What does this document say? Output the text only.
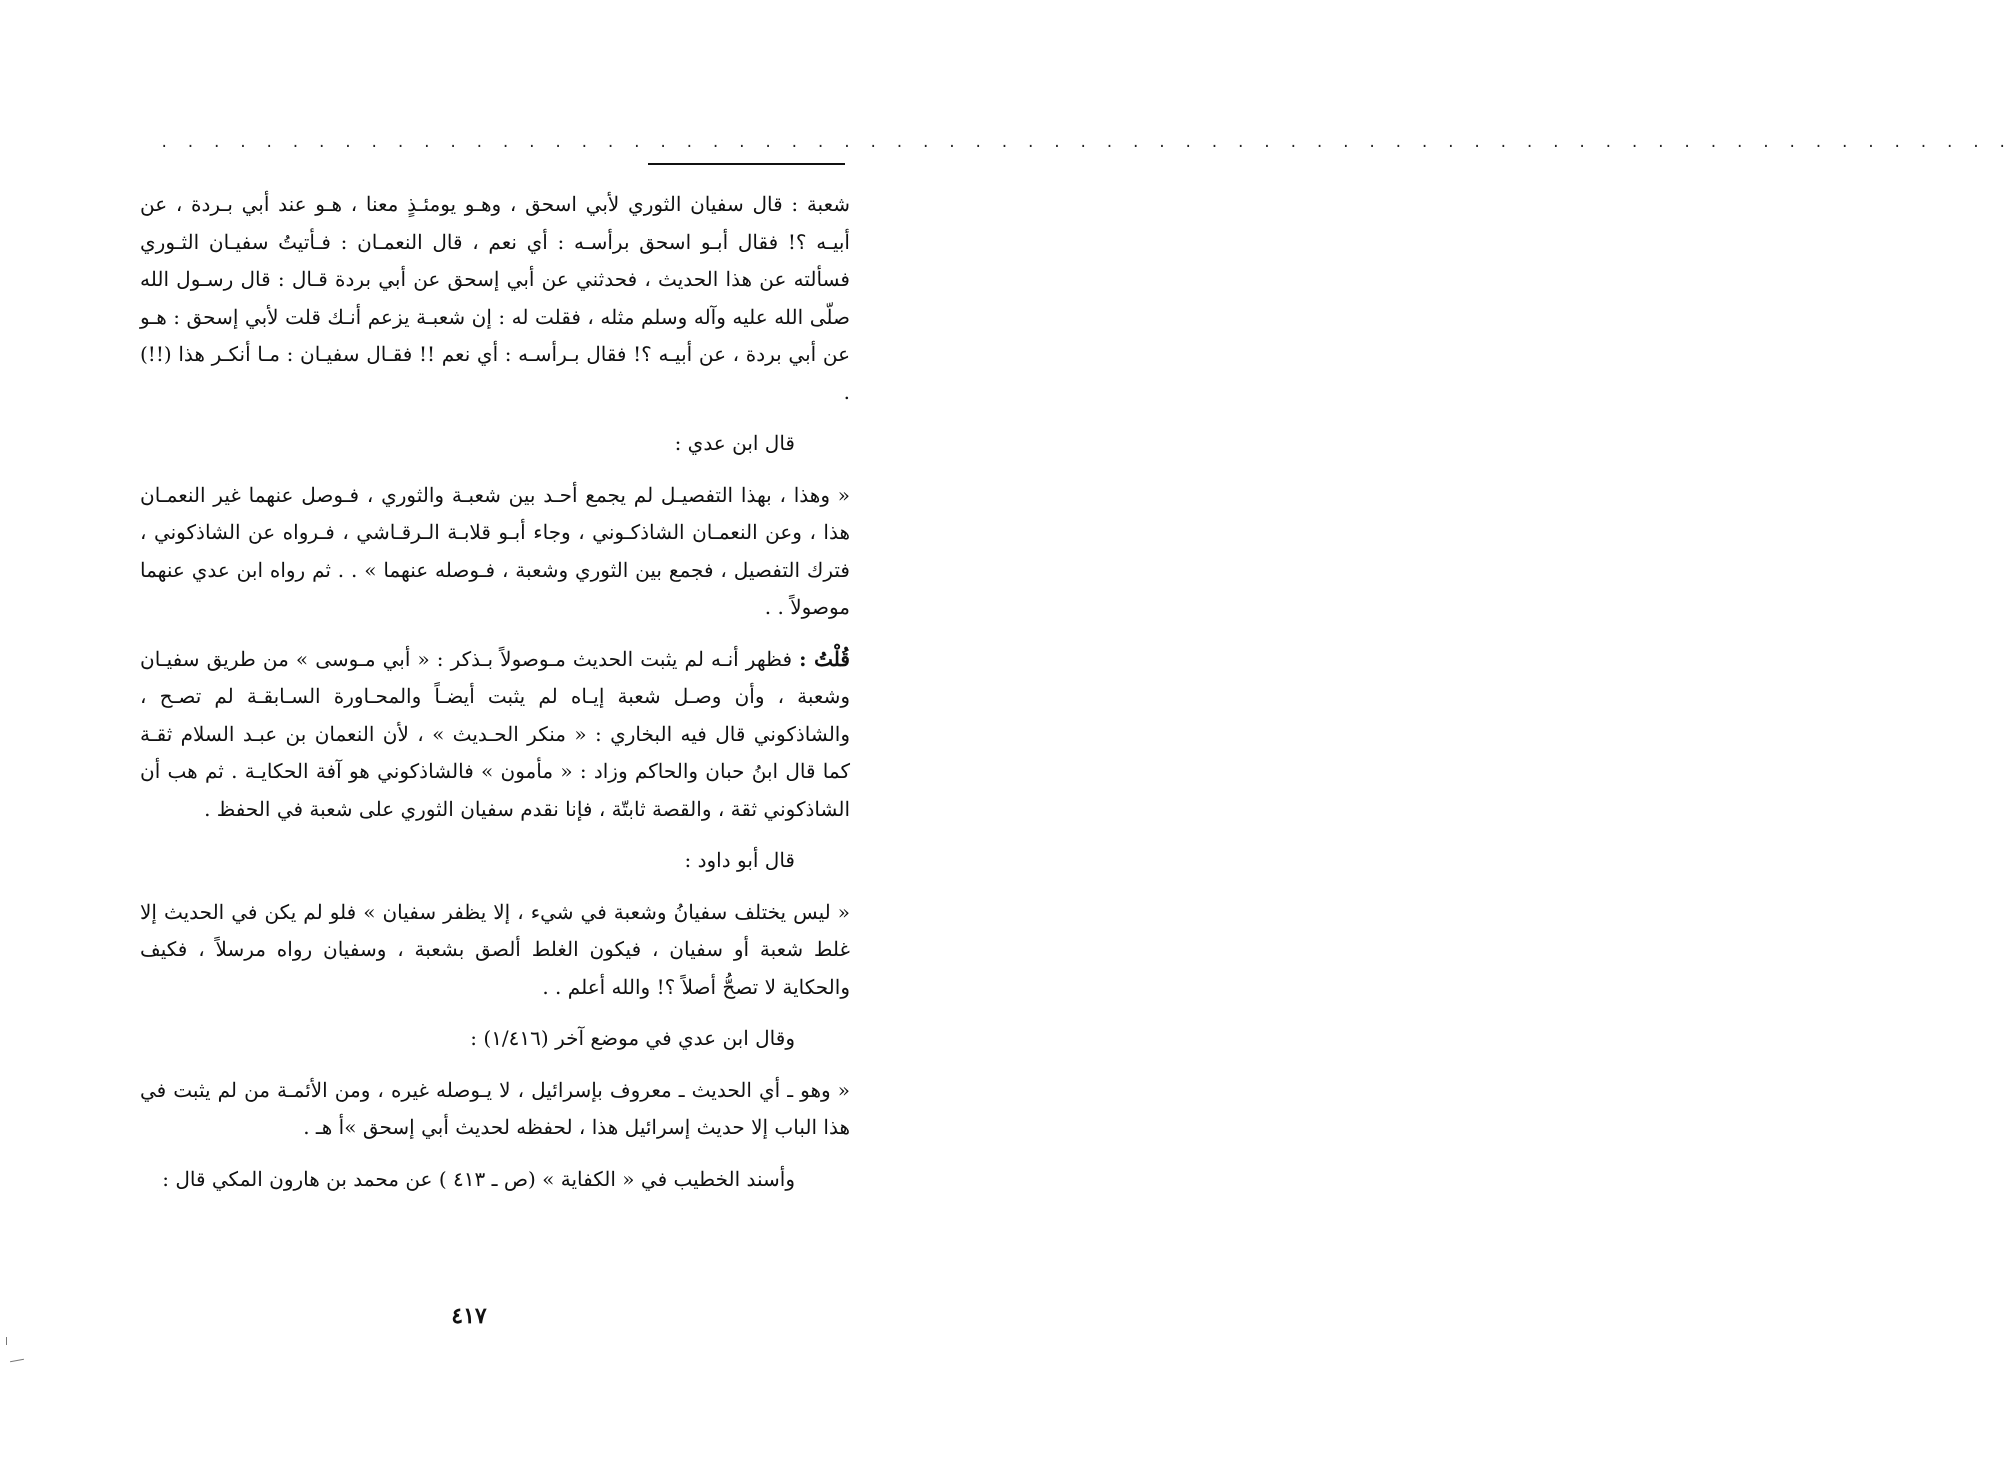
. . . . . . . . . . . . . . . . . . . . . . . . . . . . . . . . . . . . . . . . . . . . . . . . . . . . . . . . . . . . . . . . . . . . . . .

شعبة : قال سفيان الثوري لأبي اسحق ، وهـو يومئـذٍ معنا ، هـو عند أبي بـردة ، عن أبيـه ؟! فقال أبـو اسحق برأسـه : أي نعم ، قال النعمـان : فـأتيتُ سفيـان الثـوري فسألته عن هذا الحديث ، فحدثني عن أبي إسحق عن أبي بردة قـال : قال رسـول الله صلّى الله عليه وآله وسلم مثله ، فقلت له : إن شعبـة يزعم أنـك قلت لأبي إسحق : هـو عن أبي بردة ، عن أبيـه ؟! فقال بـرأسـه : أي نعم !! فقـال سفيـان : مـا أنكـر هذا (!!) .

قال ابن عدي :

« وهذا ، بهذا التفصيـل لم يجمع أحـد بين شعبـة والثوري ، فـوصل عنهما غير النعمـان هذا ، وعن النعمـان الشاذكـوني ، وجاء أبـو قلابـة الـرقـاشي ، فـرواه عن الشاذكوني ، فترك التفصيل ، فجمع بين الثوري وشعبة ، فـوصله عنهما » . . ثم رواه ابن عدي عنهما موصولاً . .

قُلْتُ : فظهر أنـه لم يثبت الحديث مـوصولاً بـذكر : « أبي مـوسى » من طريق سفيـان وشعبة ، وأن وصـل شعبة إيـاه لم يثبت أيضـاً والمحـاورة السـابقـة لم تصـح ، والشاذكوني قال فيه البخاري : « منكر الحـديث » ، لأن النعمان بن عبـد السلام ثقـة كما قال ابنُ حبان والحاكم وزاد : « مأمون » فالشاذكوني هو آفة الحكايـة . ثم هب أن الشاذكوني ثقة ، والقصة ثابتّة ، فإنا نقدم سفيان الثوري على شعبة في الحفظ .

قال أبو داود :

« ليس يختلف سفيانُ وشعبة في شيء ، إلا يظفر سفيان » فلو لم يكن في الحديث إلا غلط شعبة أو سفيان ، فيكون الغلط ألصق بشعبة ، وسفيان رواه مرسلاً ، فكيف والحكاية لا تصحُّ أصلاً ؟! والله أعلم . .

وقال ابن عدي في موضع آخر (١/٤١٦) :

« وهو ـ أي الحديث ـ معروف بإسرائيل ، لا يـوصله غيره ، ومن الأئمـة من لم يثبت في هذا الباب إلا حديث إسرائيل هذا ، لحفظه لحديث أبي إسحق »أ هـ .

وأسند الخطيب في « الكفاية » (ص ـ ٤١٣ ) عن محمد بن هارون المكي قال :

٤١٧
